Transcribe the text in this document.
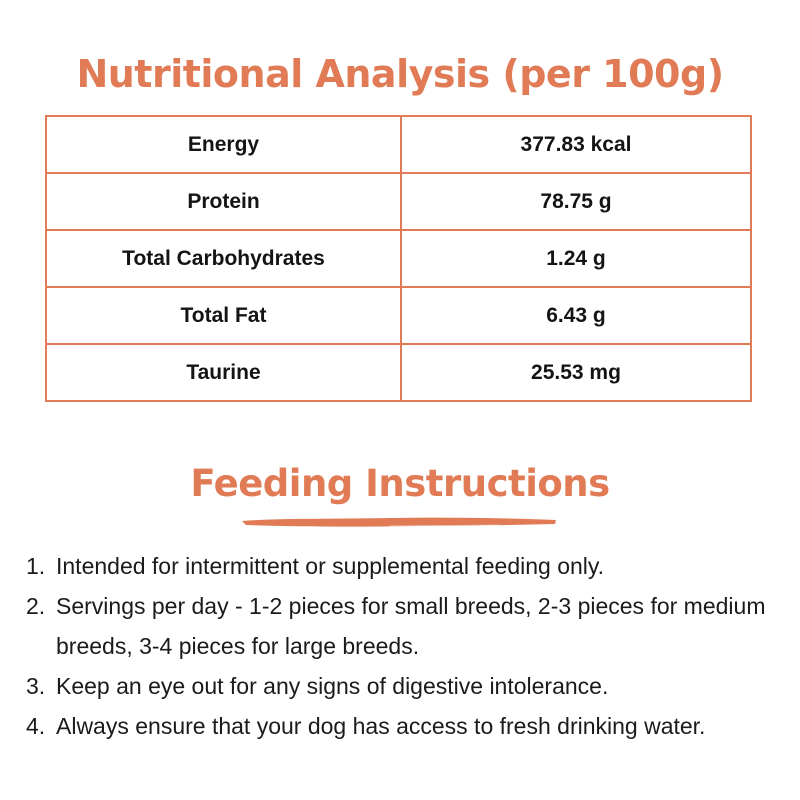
Nutritional Analysis (per 100g)
Energy	377.83 kcal
Protein	78.75 g
Total Carbohydrates	1.24 g
Total Fat	6.43 g
Taurine	25.53 mg
Feeding Instructions
1. Intended for intermittent or supplemental feeding only.
2. Servings per day - 1-2 pieces for small breeds, 2-3 pieces for medium breeds, 3-4 pieces for large breeds.
3. Keep an eye out for any signs of digestive intolerance.
4. Always ensure that your dog has access to fresh drinking water.
